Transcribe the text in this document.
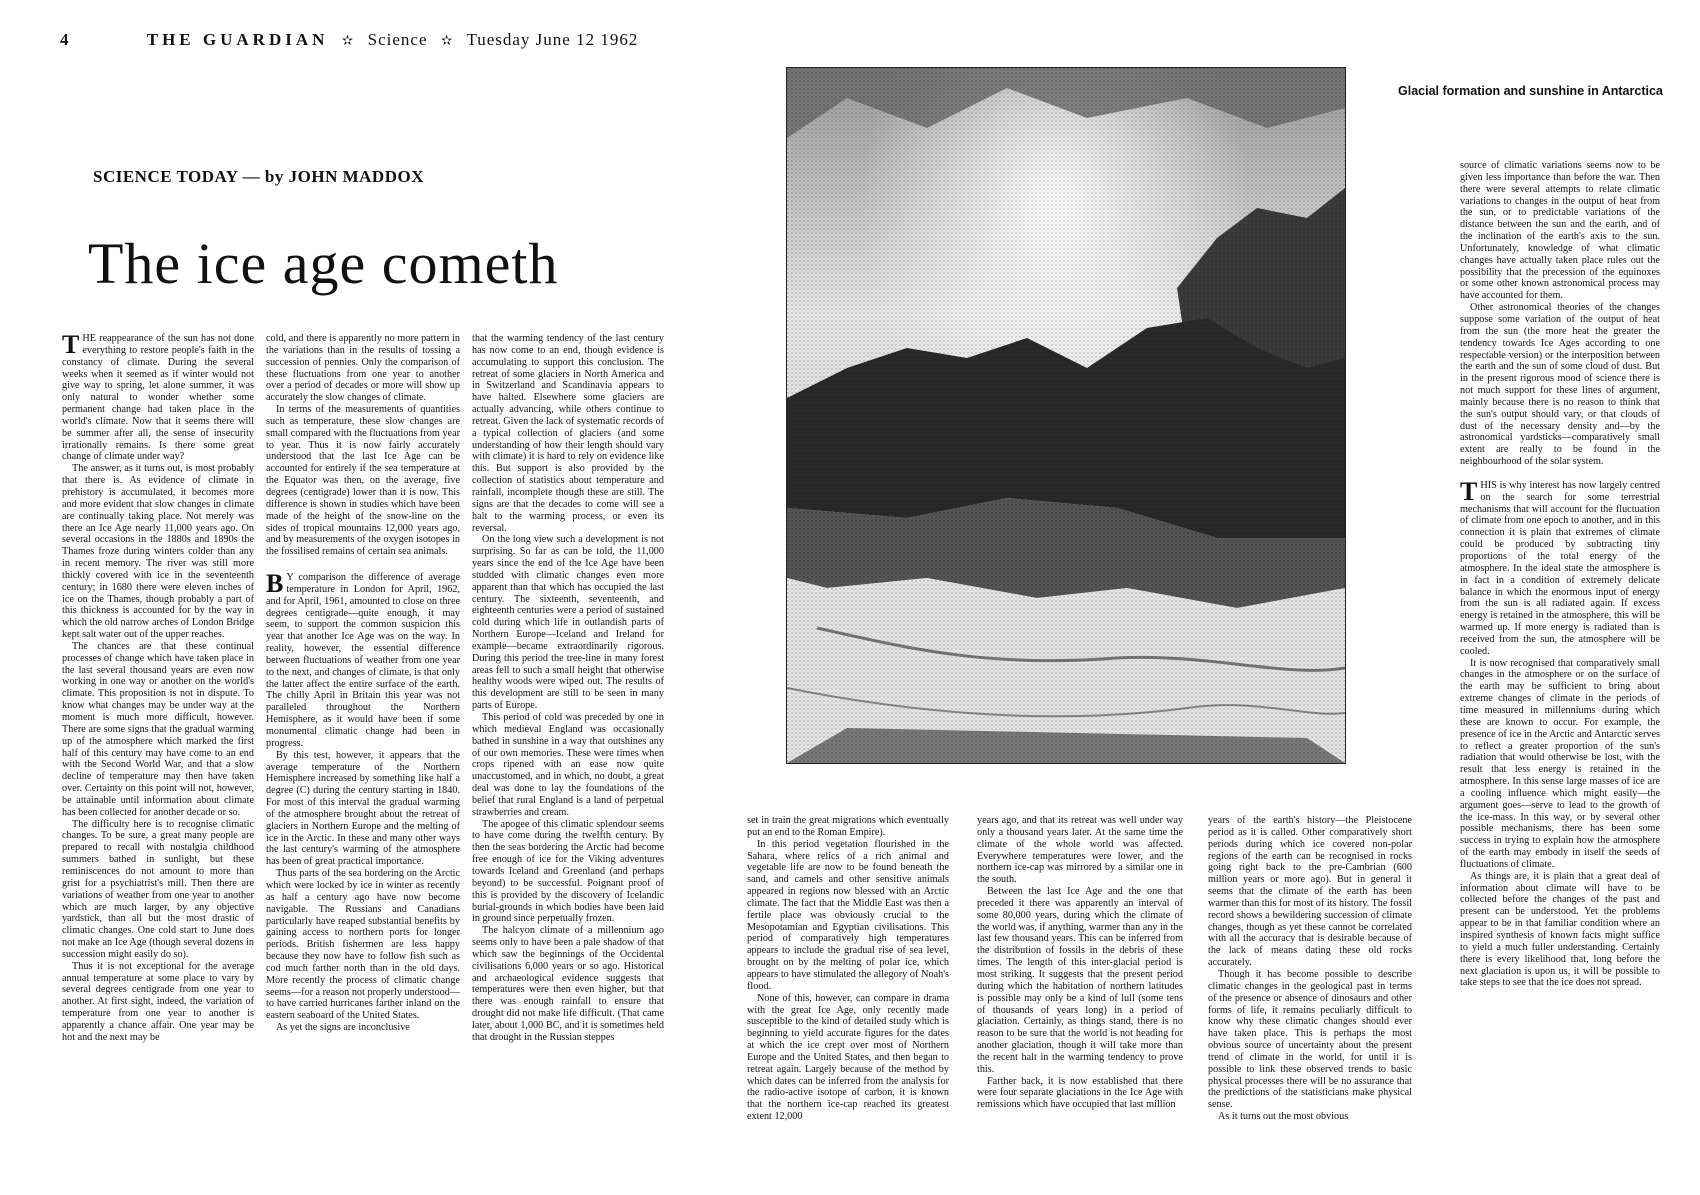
4	THE GUARDIAN ✫ Science ✫ Tuesday June 12 1962
SCIENCE TODAY — by JOHN MADDOX
The ice age cometh

THE reappearance of the sun has not done everything to restore people's faith in the constancy of climate. During the several weeks when it seemed as if winter would not give way to spring, let alone summer, it was only natural to wonder whether some permanent change had taken place in the world's climate. Now that it seems there will be summer after all, the sense of insecurity irrationally remains. Is there some great change of climate under way?

The answer, as it turns out, is most probably that there is. As evidence of climate in prehistory is accumulated, it becomes more and more evident that slow changes in climate are continually taking place. Not merely was there an Ice Age nearly 11,000 years ago. On several occasions in the 1880s and 1890s the Thames froze during winters colder than any in recent memory. The river was still more thickly covered with ice in the seventeenth century; in 1680 there were eleven inches of ice on the Thames, though probably a part of this thickness is accounted for by the way in which the old narrow arches of London Bridge kept salt water out of the upper reaches.

The chances are that these continual processes of change which have taken place in the last several thousand years are even now working in one way or another on the world's climate. This proposition is not in dispute. To know what changes may be under way at the moment is much more difficult, however. There are some signs that the gradual warming up of the atmosphere which marked the first half of this century may have come to an end with the Second World War, and that a slow decline of temperature may then have taken over. Certainty on this point will not, however, be attainable until information about climate has been collected for another decade or so.

The difficulty here is to recognise climatic changes. To be sure, a great many people are prepared to recall with nostalgia childhood summers bathed in sunlight, but these reminiscences do not amount to more than grist for a psychiatrist's mill. Then there are variations of weather from one year to another which are much larger, by any objective yardstick, than all but the most drastic of climatic changes. One cold start to June does not make an Ice Age (though several dozens in succession might easily do so).

Thus it is not exceptional for the average annual temperature at some place to vary by several degrees centigrade from one year to another. At first sight, indeed, the variation of temperature from one year to another is apparently a chance affair. One year may be hot and the next may be

cold, and there is apparently no more pattern in the variations than in the results of tossing a succession of pennies. Only the comparison of these fluctuations from one year to another over a period of decades or more will show up accurately the slow changes of climate.

In terms of the measurements of quantities such as temperature, these slow changes are small compared with the fluctuations from year to year. Thus it is now fairly accurately understood that the last Ice Age can be accounted for entirely if the sea temperature at the Equator was then, on the average, five degrees (centigrade) lower than it is now. This difference is shown in studies which have been made of the height of the snow-line on the sides of tropical mountains 12,000 years ago, and by measurements of the oxygen isotopes in the fossilised remains of certain sea animals.

B Y comparison the difference of average temperature in London for April, 1962, and for April, 1961, amounted to close on three degrees centigrade—quite enough, it may seem, to support the common suspicion this year that another Ice Age was on the way. In reality, however, the essential difference between fluctuations of weather from one year to the next, and changes of climate, is that only the latter affect the entire surface of the earth. The chilly April in Britain this year was not paralleled throughout the Northern Hemisphere, as it would have been if some monumental climatic change had been in progress.

By this test, however, it appears that the average temperature of the Northern Hemisphere increased by something like half a degree (C) during the century starting in 1840. For most of this interval the gradual warming of the atmosphere brought about the retreat of glaciers in Northern Europe and the melting of ice in the Arctic. In these and many other ways the last century's warming of the atmosphere has been of great practical importance.

Thus parts of the sea bordering on the Arctic which were locked by ice in winter as recently as half a century ago have now become navigable. The Russians and Canadians particularly have reaped substantial benefits by gaining access to northern ports for longer periods. British fishermen are less happy because they now have to follow fish such as cod much farther north than in the old days. More recently the process of climatic change seems—for a reason not properly understood—to have carried hurricanes farther inland on the eastern seaboard of the United States.

As yet the signs are inconclusive

that the warming tendency of the last century has now come to an end, though evidence is accumulating to support this conclusion. The retreat of some glaciers in North America and in Switzerland and Scandinavia appears to have halted. Elsewhere some glaciers are actually advancing, while others continue to retreat. Given the lack of systematic records of a typical collection of glaciers (and some understanding of how their length should vary with climate) it is hard to rely on evidence like this. But support is also provided by the collection of statistics about temperature and rainfall, incomplete though these are still. The signs are that the decades to come will see a halt to the warming process, or even its reversal.

On the long view such a development is not surprising. So far as can be told, the 11,000 years since the end of the Ice Age have been studded with climatic changes even more apparent than that which has occupied the last century. The sixteenth, seventeenth, and eighteenth centuries were a period of sustained cold during which life in outlandish parts of Northern Europe—Iceland and Ireland for example—became extraordinarily rigorous. During this period the tree-line in many forest areas fell to such a small height that otherwise healthy woods were wiped out. The results of this development are still to be seen in many parts of Europe.

This period of cold was preceded by one in which medieval England was occasionally bathed in sunshine in a way that outshines any of our own memories. These were times when crops ripened with an ease now quite unaccustomed, and in which, no doubt, a great deal was done to lay the foundations of the belief that rural England is a land of perpetual strawberries and cream.

The apogee of this climatic splendour seems to have come during the twelfth century. By then the seas bordering the Arctic had become free enough of ice for the Viking adventures towards Iceland and Greenland (and perhaps beyond) to be successful. Poignant proof of this is provided by the discovery of Icelandic burial-grounds in which bodies have been laid in ground since perpetually frozen.

The halcyon climate of a millennium ago seems only to have been a pale shadow of that which saw the beginnings of the Occidental civilisations 6,000 years or so ago. Historical and archaeological evidence suggests that temperatures were then even higher, but that there was enough rainfall to ensure that drought did not make life difficult. (That came later, about 1,000 BC, and it is sometimes held that drought in the Russian steppes

Glacial formation and sunshine in Antarctica

set in train the great migrations which eventually put an end to the Roman Empire).

In this period vegetation flourished in the Sahara, where relics of a rich animal and vegetable life are now to be found beneath the sand, and camels and other sensitive animals appeared in regions now blessed with an Arctic climate. The fact that the Middle East was then a fertile place was obviously crucial to the Mesopotamian and Egyptian civilisations. This period of comparatively high temperatures appears to include the gradual rise of sea level, brought on by the melting of polar ice, which appears to have stimulated the allegory of Noah's flood.

None of this, however, can compare in drama with the great Ice Age, only recently made susceptible to the kind of detailed study which is beginning to yield accurate figures for the dates at which the ice crept over most of Northern Europe and the United States, and then began to retreat again. Largely because of the method by which dates can be inferred from the analysis for the radio-active isotope of carbon, it is known that the northern ice-cap reached its greatest extent 12,000

years ago, and that its retreat was well under way only a thousand years later. At the same time the climate of the whole world was affected. Everywhere temperatures were lower, and the northern ice-cap was mirrored by a similar one in the south.

Between the last Ice Age and the one that preceded it there was apparently an interval of some 80,000 years, during which the climate of the world was, if anything, warmer than any in the last few thousand years. This can be inferred from the distribution of fossils in the debris of these times. The length of this inter-glacial period is most striking. It suggests that the present period during which the habitation of northern latitudes is possible may only be a kind of lull (some tens of thousands of years long) in a period of glaciation. Certainly, as things stand, there is no reason to be sure that the world is not heading for another glaciation, though it will take more than the recent halt in the warming tendency to prove this.

Farther back, it is now established that there were four separate glaciations in the Ice Age with remissions which have occupied that last million

years of the earth's history—the Pleistocene period as it is called. Other comparatively short periods during which ice covered non-polar regions of the earth can be recognised in rocks going right back to the pre-Cambrian (600 million years or more ago). But in general it seems that the climate of the earth has been warmer than this for most of its history. The fossil record shows a bewildering succession of climate changes, though as yet these cannot be correlated with all the accuracy that is desirable because of the lack of means dating these old rocks accurately.

Though it has become possible to describe climatic changes in the geological past in terms of the presence or absence of dinosaurs and other forms of life, it remains peculiarly difficult to know why these climatic changes should ever have taken place. This is perhaps the most obvious source of uncertainty about the present trend of climate in the world, for until it is possible to link these observed trends to basic physical processes there will be no assurance that the predictions of the statisticians make physical sense.

As it turns out the most obvious

source of climatic variations seems now to be given less importance than before the war. Then there were several attempts to relate climatic variations to changes in the output of heat from the sun, or to predictable variations of the distance between the sun and the earth, and of the inclination of the earth's axis to the sun. Unfortunately, knowledge of what climatic changes have actually taken place rules out the possibility that the precession of the equinoxes or some other known astronomical process may have accounted for them.

Other astronomical theories of the changes suppose some variation of the output of heat from the sun (the more heat the greater the tendency towards Ice Ages according to one respectable version) or the interposition between the earth and the sun of some cloud of dust. But in the present rigorous mood of science there is not much support for these lines of argument, mainly because there is no reason to think that the sun's output should vary, or that clouds of dust of the necessary density and—by the astronomical yardsticks—comparatively small extent are really to be found in the neighbourhood of the solar system.

THIS is why interest has now largely centred on the search for some terrestrial mechanisms that will account for the fluctuation of climate from one epoch to another, and in this connection it is plain that extremes of climate could be produced by subtracting tiny proportions of the total energy of the atmosphere. In the ideal state the atmosphere is in fact in a condition of extremely delicate balance in which the enormous input of energy from the sun is all radiated again. If excess energy is retained in the atmosphere, this will be warmed up. If more energy is radiated than is received from the sun, the atmosphere will be cooled.

It is now recognised that comparatively small changes in the atmosphere or on the surface of the earth may be sufficient to bring about extreme changes of climate in the periods of time measured in millenniums during which these are known to occur. For example, the presence of ice in the Arctic and Antarctic serves to reflect a greater proportion of the sun's radiation that would otherwise be lost, with the result that less energy is retained in the atmosphere. In this sense large masses of ice are a cooling influence which might easily—the argument goes—serve to lead to the growth of the ice-mass. In this way, or by several other possible mechanisms, there has been some success in trying to explain how the atmosphere of the earth may embody in itself the seeds of fluctuations of climate.

As things are, it is plain that a great deal of information about climate will have to be collected before the changes of the past and present can be understood. Yet the problems appear to be in that familiar condition where an inspired synthesis of known facts might suffice to yield a much fuller understanding. Certainly there is every likelihood that, long before the next glaciation is upon us, it will be possible to take steps to see that the ice does not spread.
